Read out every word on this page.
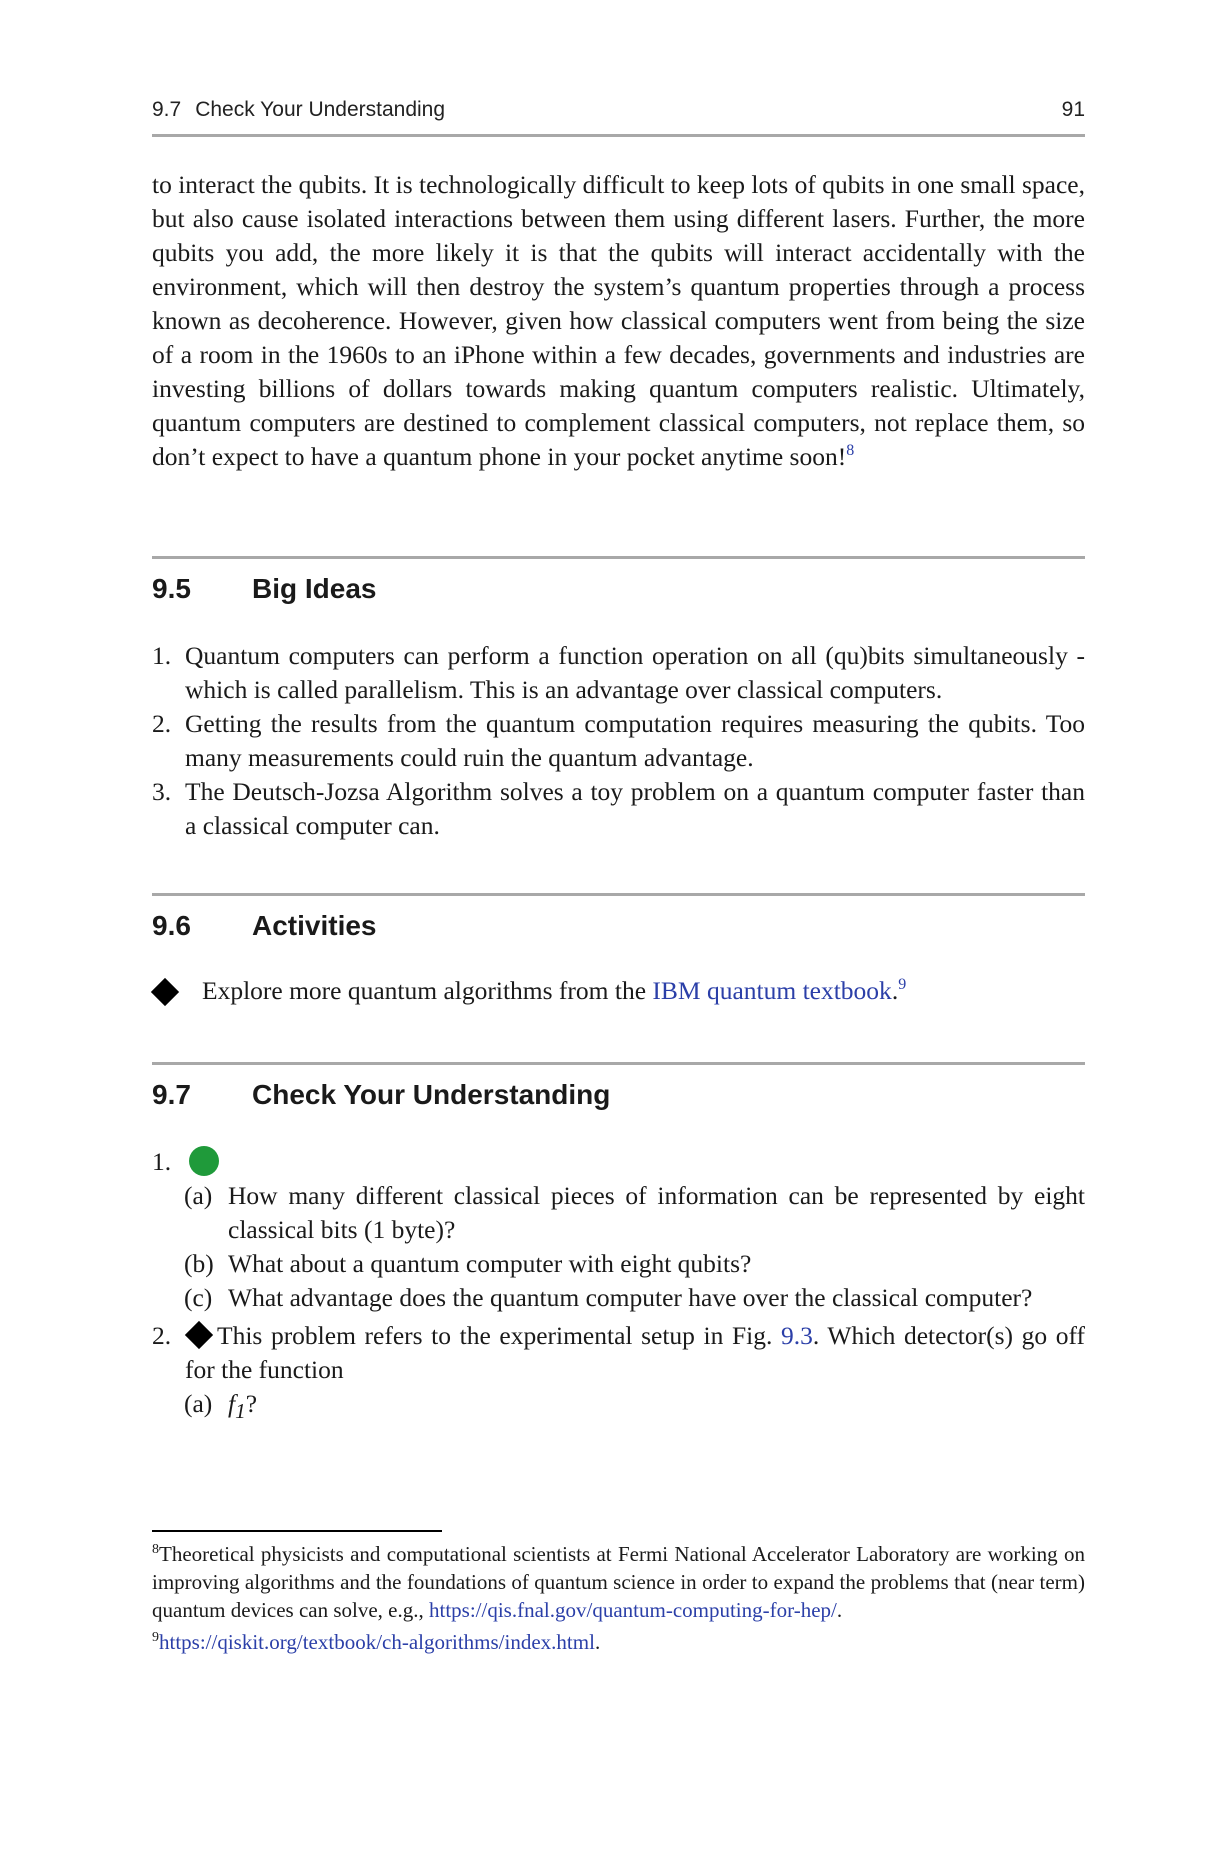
9.7 Check Your Understanding	91

to interact the qubits. It is technologically difficult to keep lots of qubits in one small space, but also cause isolated interactions between them using different lasers. Further, the more qubits you add, the more likely it is that the qubits will interact accidentally with the environment, which will then destroy the system’s quantum properties through a process known as decoherence. However, given how classical computers went from being the size of a room in the 1960s to an iPhone within a few decades, governments and industries are investing billions of dollars towards making quantum computers realistic. Ultimately, quantum computers are destined to complement classical computers, not replace them, so don’t expect to have a quantum phone in your pocket anytime soon!$^8$

9.5 Big Ideas
1. Quantum computers can perform a function operation on all (qu)bits simultaneously - which is called parallelism. This is an advantage over classical computers.
2. Getting the results from the quantum computation requires measuring the qubits. Too many measurements could ruin the quantum advantage.
3. The Deutsch-Jozsa Algorithm solves a toy problem on a quantum computer faster than a classical computer can.
9.6 Activities
Explore more quantum algorithms from the IBM quantum textbook.$^9$
9.7 Check Your Understanding
1.
(a) How many different classical pieces of information can be represented by eight classical bits (1 byte)?
(b) What about a quantum computer with eight qubits?
(c) What advantage does the quantum computer have over the classical computer?
2. This problem refers to the experimental setup in Fig. 9.3. Which detector(s) go off for the function
(a) $f_1$?

$^8$Theoretical physicists and computational scientists at Fermi National Accelerator Laboratory are working on improving algorithms and the foundations of quantum science in order to expand the problems that (near term) quantum devices can solve, e.g., https://qis.fnal.gov/quantum-computing-for-hep/.

$^9$https://qiskit.org/textbook/ch-algorithms/index.html.
